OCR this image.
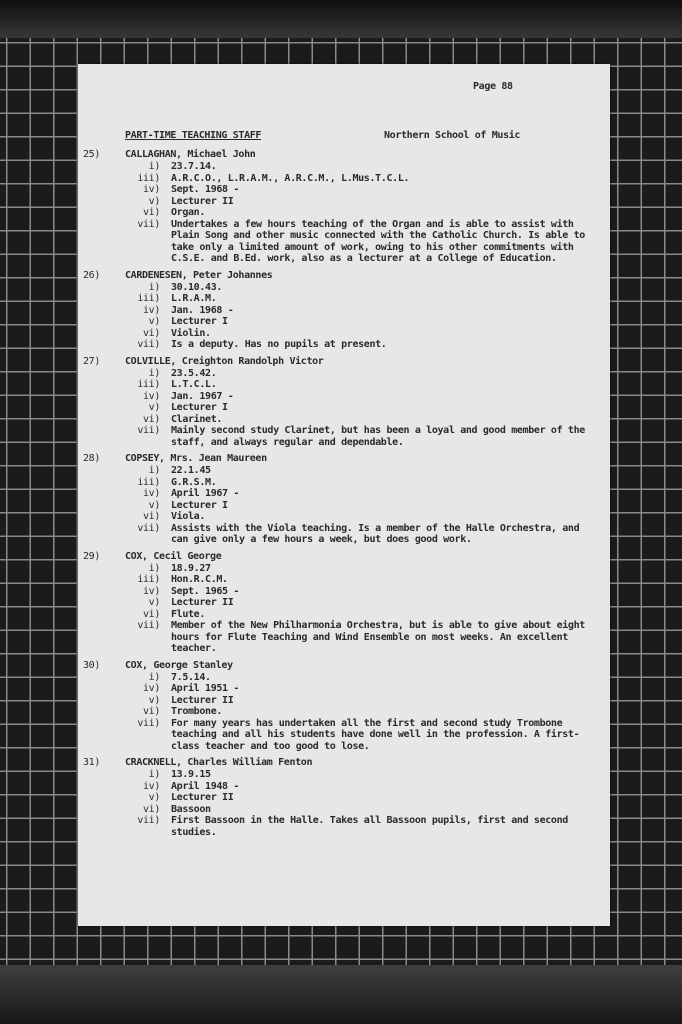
Page 88
PART-TIME TEACHING STAFF	Northern School of Music
25) CALLAGHAN, Michael John
i) 23.7.14.
iii) A.R.C.O., L.R.A.M., A.R.C.M., L.Mus.T.C.L.
iv) Sept. 1968 -
v) Lecturer II
vi) Organ.
vii) Undertakes a few hours teaching of the Organ and is able to assist with Plain Song and other music connected with the Catholic Church. Is able to take only a limited amount of work, owing to his other commitments with C.S.E. and B.Ed. work, also as a lecturer at a College of Education.
26) CARDENESEN, Peter Johannes
i) 30.10.43.
iii) L.R.A.M.
iv) Jan. 1968 -
v) Lecturer I
vi) Violin.
vii) Is a deputy. Has no pupils at present.
27) COLVILLE, Creighton Randolph Victor
i) 23.5.42.
iii) L.T.C.L.
iv) Jan. 1967 -
v) Lecturer I
vi) Clarinet.
vii) Mainly second study Clarinet, but has been a loyal and good member of the staff, and always regular and dependable.
28) COPSEY, Mrs. Jean Maureen
i) 22.1.45
iii) G.R.S.M.
iv) April 1967 -
v) Lecturer I
vi) Viola.
vii) Assists with the Viola teaching. Is a member of the Halle Orchestra, and can give only a few hours a week, but does good work.
29) COX, Cecil George
i) 18.9.27
iii) Hon.R.C.M.
iv) Sept. 1965 -
v) Lecturer II
vi) Flute.
vii) Member of the New Philharmonia Orchestra, but is able to give about eight hours for Flute Teaching and Wind Ensemble on most weeks. An excellent teacher.
30) COX, George Stanley
i) 7.5.14.
iv) April 1951 -
v) Lecturer II
vi) Trombone.
vii) For many years has undertaken all the first and second study Trombone teaching and all his students have done well in the profession. A first-class teacher and too good to lose.
31) CRACKNELL, Charles William Fenton
i) 13.9.15
iv) April 1948 -
v) Lecturer II
vi) Bassoon
vii) First Bassoon in the Halle. Takes all Bassoon pupils, first and second studies.
